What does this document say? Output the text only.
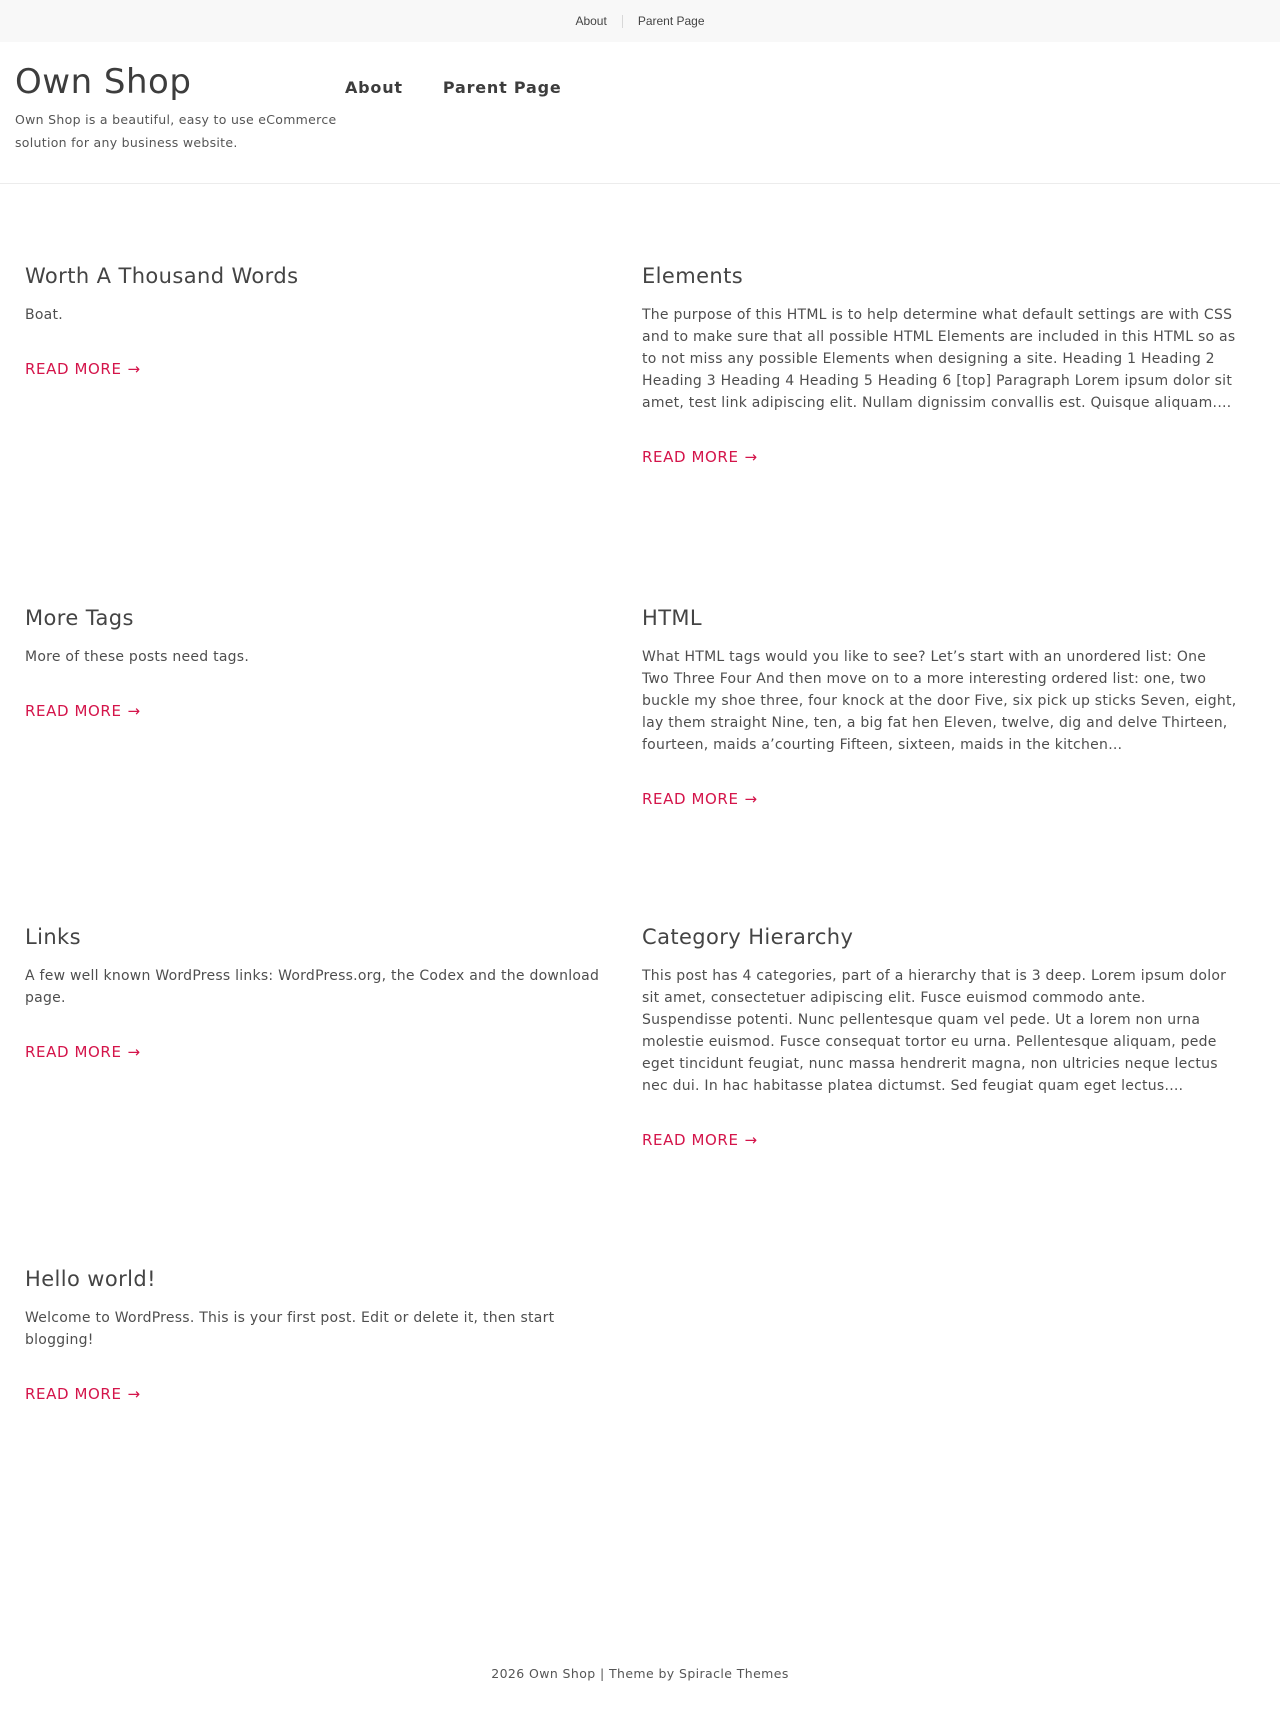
About	Parent Page
Own Shop

Own Shop is a beautiful, easy to use eCommerce solution for any business website.

About	Parent Page
Worth A Thousand Words

Boat.

READ MORE →
Elements

The purpose of this HTML is to help determine what default settings are with CSS and to make sure that all possible HTML Elements are included in this HTML so as to not miss any possible Elements when designing a site. Heading 1 Heading 2 Heading 3 Heading 4 Heading 5 Heading 6 [top] Paragraph Lorem ipsum dolor sit amet, test link adipiscing elit. Nullam dignissim convallis est. Quisque aliquam.…

READ MORE →
More Tags

More of these posts need tags.

READ MORE →
HTML

What HTML tags would you like to see? Let’s start with an unordered list: One Two Three Four And then move on to a more interesting ordered list: one, two buckle my shoe three, four knock at the door Five, six pick up sticks Seven, eight, lay them straight Nine, ten, a big fat hen Eleven, twelve, dig and delve Thirteen, fourteen, maids a’courting Fifteen, sixteen, maids in the kitchen…

READ MORE →
Links

A few well known WordPress links: WordPress.org, the Codex and the download page.

READ MORE →
Category Hierarchy

This post has 4 categories, part of a hierarchy that is 3 deep. Lorem ipsum dolor sit amet, consectetuer adipiscing elit. Fusce euismod commodo ante. Suspendisse potenti. Nunc pellentesque quam vel pede. Ut a lorem non urna molestie euismod. Fusce consequat tortor eu urna. Pellentesque aliquam, pede eget tincidunt feugiat, nunc massa hendrerit magna, non ultricies neque lectus nec dui. In hac habitasse platea dictumst. Sed feugiat quam eget lectus.…

READ MORE →
Hello world!

Welcome to WordPress. This is your first post. Edit or delete it, then start blogging!

READ MORE →
2026 Own Shop | Theme by Spiracle Themes
